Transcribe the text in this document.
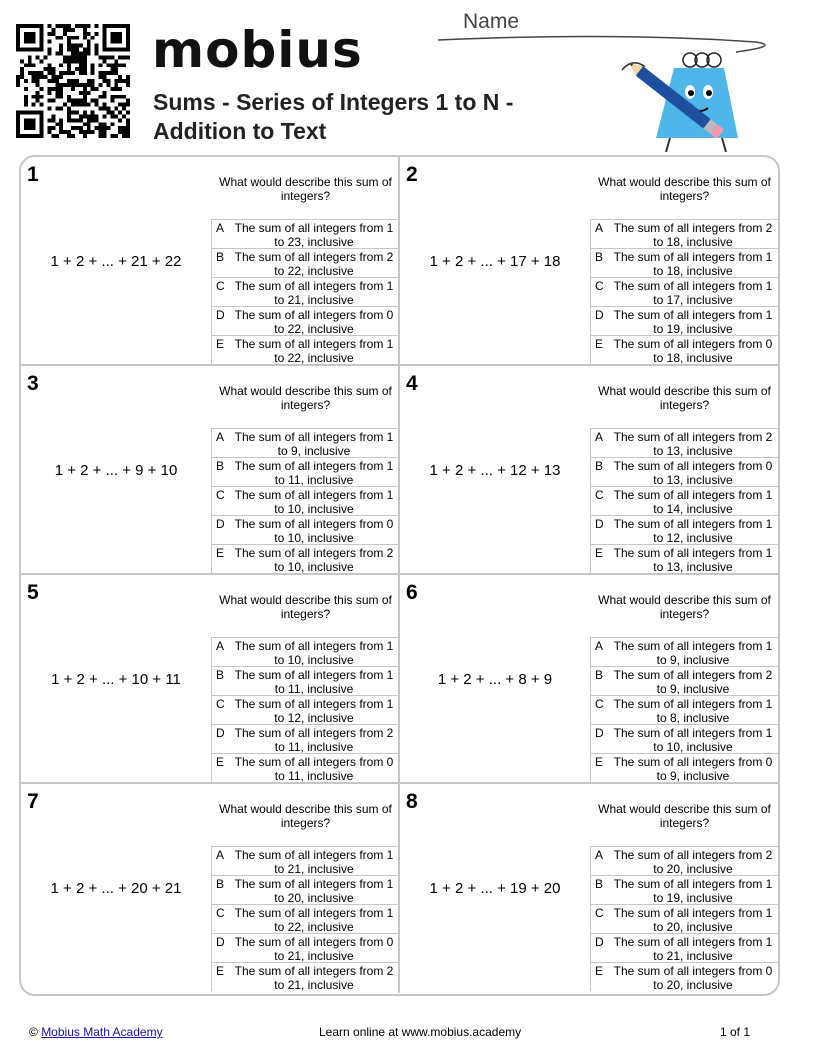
mobius
Sums - Series of Integers 1 to N - Addition to Text
Name
1
1 + 2 + ... + 21 + 22
What would describe this sum of integers?
A The sum of all integers from 1 to 23, inclusive
B The sum of all integers from 2 to 22, inclusive
C The sum of all integers from 1 to 21, inclusive
D The sum of all integers from 0 to 22, inclusive
E The sum of all integers from 1 to 22, inclusive
2
1 + 2 + ... + 17 + 18
What would describe this sum of integers?
A The sum of all integers from 2 to 18, inclusive
B The sum of all integers from 1 to 18, inclusive
C The sum of all integers from 1 to 17, inclusive
D The sum of all integers from 1 to 19, inclusive
E The sum of all integers from 0 to 18, inclusive
3
1 + 2 + ... + 9 + 10
What would describe this sum of integers?
A The sum of all integers from 1 to 9, inclusive
B The sum of all integers from 1 to 11, inclusive
C The sum of all integers from 1 to 10, inclusive
D The sum of all integers from 0 to 10, inclusive
E The sum of all integers from 2 to 10, inclusive
4
1 + 2 + ... + 12 + 13
What would describe this sum of integers?
A The sum of all integers from 2 to 13, inclusive
B The sum of all integers from 0 to 13, inclusive
C The sum of all integers from 1 to 14, inclusive
D The sum of all integers from 1 to 12, inclusive
E The sum of all integers from 1 to 13, inclusive
5
1 + 2 + ... + 10 + 11
What would describe this sum of integers?
A The sum of all integers from 1 to 10, inclusive
B The sum of all integers from 1 to 11, inclusive
C The sum of all integers from 1 to 12, inclusive
D The sum of all integers from 2 to 11, inclusive
E The sum of all integers from 0 to 11, inclusive
6
1 + 2 + ... + 8 + 9
What would describe this sum of integers?
A The sum of all integers from 1 to 9, inclusive
B The sum of all integers from 2 to 9, inclusive
C The sum of all integers from 1 to 8, inclusive
D The sum of all integers from 1 to 10, inclusive
E The sum of all integers from 0 to 9, inclusive
7
1 + 2 + ... + 20 + 21
What would describe this sum of integers?
A The sum of all integers from 1 to 21, inclusive
B The sum of all integers from 1 to 20, inclusive
C The sum of all integers from 1 to 22, inclusive
D The sum of all integers from 0 to 21, inclusive
E The sum of all integers from 2 to 21, inclusive
8
1 + 2 + ... + 19 + 20
What would describe this sum of integers?
A The sum of all integers from 2 to 20, inclusive
B The sum of all integers from 1 to 19, inclusive
C The sum of all integers from 1 to 20, inclusive
D The sum of all integers from 1 to 21, inclusive
E The sum of all integers from 0 to 20, inclusive
© Mobius Math Academy	Learn online at www.mobius.academy	1 of 1
